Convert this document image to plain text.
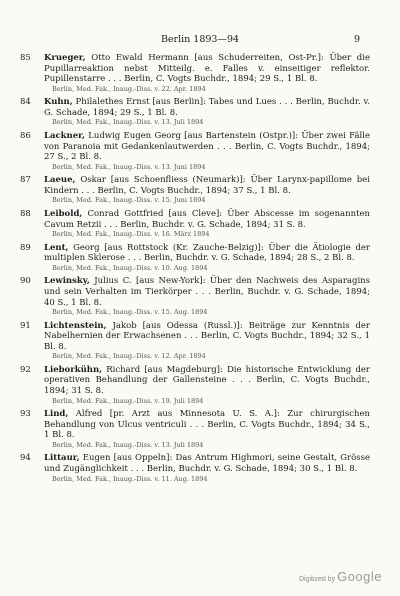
Berlin 1893—94	9
85 Krueger, Otto Ewald Hermann [aus Schuderreiten, Ost-Pr.]: Über die Pupillarreaktion nebst Mitteilg. e. Falles v. einseitiger reflektor. Pupillenstarre . . . Berlin, C. Vogts Buchdr., 1894; 29 S., 1 Bl. 8.
Berlin, Med. Fak., Inaug.-Diss. v. 22. Apr. 1894
84 Kuhn, Philalethes Ernst [aus Berlin]: Tabes und Lues . . . Berlin, Buchdr. v. G. Schade, 1894; 29 S., 1 Bl. 8.
Berlin, Med. Fak., Inaug.-Diss. v. 13. Juli 1894
86 Lackner, Ludwig Eugen Georg [aus Bartenstein (Ostpr.)]: Über zwei Fälle von Paranoia mit Gedankenlautwerden . . . Berlin, C. Vogts Buchdr., 1894; 27 S., 2 Bl. 8.
Berlin, Med. Fak., Inaug.-Diss. v. 13. Juni 1894
87 Laeue, Oskar [aus Schoenfliess (Neumark)]: Über Larynx-papillome bei Kindern . . . Berlin, C. Vogts Buchdr., 1894; 37 S., 1 Bl. 8.
Berlin, Med. Fak., Inaug.-Diss. v. 15. Juni 1894
88 Leibold, Conrad Gottfried [aus Cleve]: Über Abscesse im sogenannten Cavum Retzii . . . Berlin, Buchdr. v. G. Schade, 1894; 31 S. 8.
Berlin, Med. Fak., Inaug.-Diss. v. 16. März 1894
89 Lent, Georg [aus Rottstock (Kr. Zauche-Belzig)]: Über die Ätiologie der multiplen Sklerose . . . Berlin, Buchdr. v. G. Schade, 1894; 28 S., 2 Bl. 8.
Berlin, Med. Fak., Inaug.-Diss. v. 10. Aug. 1894
90 Lewinsky, Julius C. [aus New-York]: Über den Nachweis des Asparagins und sein Verhalten im Tierkörper . . . Berlin, Buchdr. v. G. Schade, 1894; 40 S., 1 Bl. 8.
Berlin, Med. Fak., Inaug.-Diss. v. 15. Aug. 1894
91 Lichtenstein, Jakob [aus Odessa (Russl.)]: Beiträge zur Kenntnis der Nabelhernien der Erwachsenen . . . Berlin, C. Vogts Buchdr., 1894; 32 S., 1 Bl. 8.
Berlin, Med. Fak., Inaug.-Diss. v. 12. Apr. 1894
92 Lieborkühn, Richard [aus Magdeburg]: Die historische Entwicklung der operativen Behandlung der Gallensteine . . . Berlin, C. Vogts Buchdr., 1894; 31 S. 8.
Berlin, Med. Fak., Inaug.-Diss. v. 19. Juli 1894
93 Lind, Alfred [pr. Arzt aus Minnesota U. S. A.]: Zur chirurgischen Behandlung von Ulcus ventriculi . . . Berlin, C. Vogts Buchdr., 1894; 34 S., 1 Bl. 8.
Berlin, Med. Fak., Inaug.-Diss. v. 13. Juli 1894
94 Littaur, Eugen [aus Oppeln]: Das Antrum Highmori, seine Gestalt, Grösse und Zugänglichkeit . . . Berlin, Buchdr. v. G. Schade, 1894; 30 S., 1 Bl. 8.
Berlin, Med. Fak., Inaug.-Diss. v. 11. Aug. 1894
Digitized by Google
